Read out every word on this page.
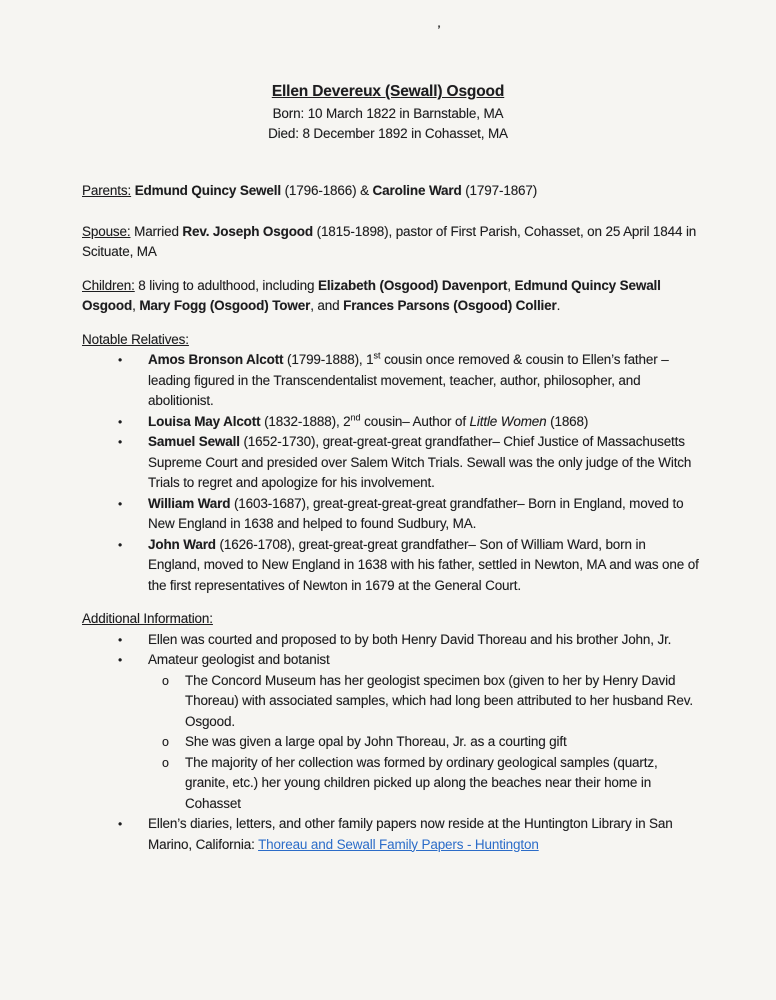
’
Ellen Devereux (Sewall) Osgood
Born: 10 March 1822 in Barnstable, MA
Died: 8 December 1892 in Cohasset, MA

Parents: Edmund Quincy Sewell (1796-1866) & Caroline Ward (1797-1867)

Spouse: Married Rev. Joseph Osgood (1815-1898), pastor of First Parish, Cohasset, on 25 April 1844 in Scituate, MA

Children: 8 living to adulthood, including Elizabeth (Osgood) Davenport, Edmund Quincy Sewall Osgood, Mary Fogg (Osgood) Tower, and Frances Parsons (Osgood) Collier.

Notable Relatives:
•	Amos Bronson Alcott (1799-1888), 1st cousin once removed & cousin to Ellen’s father – leading figured in the Transcendentalist movement, teacher, author, philosopher, and abolitionist.
•	Louisa May Alcott (1832-1888), 2nd cousin– Author of Little Women (1868)
•	Samuel Sewall (1652-1730), great-great-great grandfather– Chief Justice of Massachusetts Supreme Court and presided over Salem Witch Trials. Sewall was the only judge of the Witch Trials to regret and apologize for his involvement.
•	William Ward (1603-1687), great-great-great-great grandfather– Born in England, moved to New England in 1638 and helped to found Sudbury, MA.
•	John Ward (1626-1708), great-great-great grandfather– Son of William Ward, born in England, moved to New England in 1638 with his father, settled in Newton, MA and was one of the first representatives of Newton in 1679 at the General Court.
Additional Information:
•	Ellen was courted and proposed to by both Henry David Thoreau and his brother John, Jr.
•	Amateur geologist and botanist
o	The Concord Museum has her geologist specimen box (given to her by Henry David Thoreau) with associated samples, which had long been attributed to her husband Rev. Osgood.
o	She was given a large opal by John Thoreau, Jr. as a courting gift
o	The majority of her collection was formed by ordinary geological samples (quartz, granite, etc.) her young children picked up along the beaches near their home in Cohasset
•	Ellen’s diaries, letters, and other family papers now reside at the Huntington Library in San Marino, California: Thoreau and Sewall Family Papers - Huntington
